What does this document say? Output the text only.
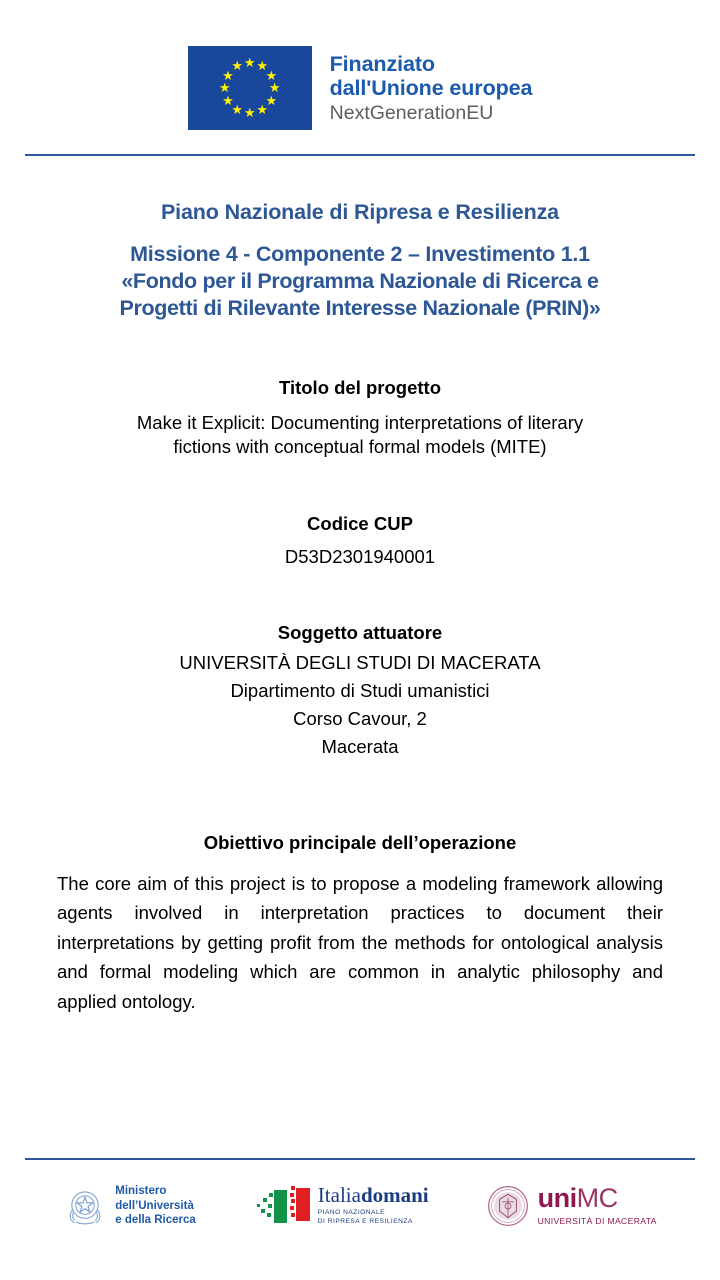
★ ★
★
★
★
★
★
★
★
★
★
★	Finanziato
dall'Unione europea
NextGenerationEU
Piano Nazionale di Ripresa e Resilienza
Missione 4 - Componente 2 – Investimento 1.1
«Fondo per il Programma Nazionale di Ricerca e
Progetti di Rilevante Interesse Nazionale (PRIN)»
Titolo del progetto
Make it Explicit: Documenting interpretations of literary
fictions with conceptual formal models (MITE)
Codice CUP
D53D2301940001
Soggetto attuatore
UNIVERSITÀ DEGLI STUDI DI MACERATA
Dipartimento di Studi umanistici
Corso Cavour, 2
Macerata
Obiettivo principale dell’operazione
The core aim of this project is to propose a modeling framework allowing agents involved in interpretation practices to document their interpretations by getting profit from the methods for ontological analysis and formal modeling which are common in analytic philosophy and applied ontology.
Ministero
dell’Università
e della Ricerca
Italiadomani
PIANO NAZIONALE
DI RIPRESA E RESILIENZA
uniMC
UNIVERSITÀ DI MACERATA
